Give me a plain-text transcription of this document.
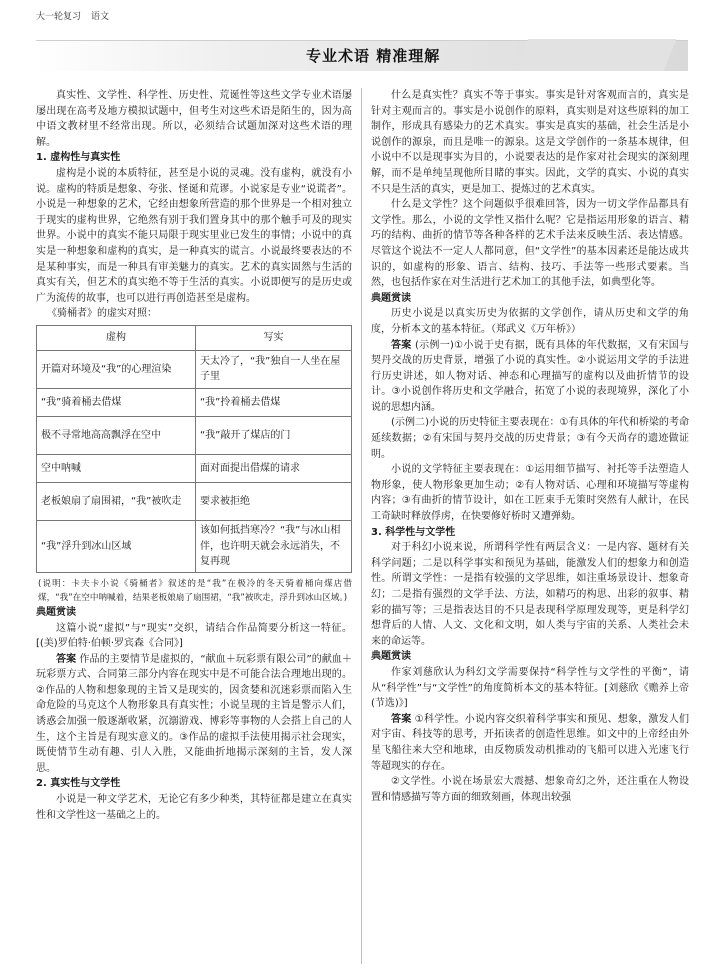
大一轮复习 语文
专业术语 精准理解

真实性、文学性、科学性、历史性、荒诞性等这些文学专业术语屡屡出现在高考及地方模拟试题中，但考生对这些术语是陌生的，因为高中语文教材里不经常出现。所以，必须结合试题加深对这些术语的理解。

1. 虚构性与真实性

虚构是小说的本质特征，甚至是小说的灵魂。没有虚构，就没有小说。虚构的特质是想象、夸张、怪诞和荒谬。小说家是专业“说谎者”。小说是一种想象的艺术，它经由想象所营造的那个世界是一个相对独立于现实的虚构世界，它绝然有别于我们置身其中的那个触手可及的现实世界。小说中的真实不能只局限于现实里业已发生的事情；小说中的真实是一种想象和虚构的真实，是一种真实的谎言。小说最终要表达的不是某种事实，而是一种具有审美魅力的真实。艺术的真实固然与生活的真实有关，但艺术的真实绝不等于生活的真实。小说即便写的是历史或广为流传的故事，也可以进行再创造甚至是虚构。

《骑桶者》的虚实对照：

虚构	写实
开篇对环境及“我”的心理渲染	天太冷了，“我”独自一人坐在屋子里
“我”骑着桶去借煤	“我”拎着桶去借煤
极不寻常地高高飘浮在空中	“我”敲开了煤店的门
空中呐喊	面对面提出借煤的请求
老板娘扇了扇围裙，“我”被吹走	要求被拒绝
“我”浮升到冰山区域	该如何抵挡寒冷？“我”与冰山相伴，也许明天就会永远消失，不复再现

(说明：卡夫卡小说《骑桶者》叙述的是“我”在极冷的冬天骑着桶向煤店借煤，“我”在空中呐喊着，结果老板娘扇了扇围裙，“我”被吹走，浮升到冰山区域。)

典题赏读

这篇小说“虚拟”与“现实”交织，请结合作品简要分析这一特征。[(美)罗伯特·伯顿·罗宾森《合同》]

答案 作品的主要情节是虚拟的，“献血＋玩彩票有限公司”的献血＋玩彩票方式、合同第三部分内容在现实中是不可能合法合理地出现的。②作品的人物和想象现的主旨又是现实的，因贪婪和沉迷彩票而陷入生命危险的马克这个人物形象具有真实性；小说呈现的主旨是警示人们，诱惑会加强一般逐渐收紧，沉溺游戏、博彩等事物的人会搭上自己的人生，这个主旨是有现实意义的。③作品的虚拟手法使用揭示社会现实，既使情节生动有趣、引人入胜，又能曲折地揭示深刻的主旨，发人深思。

2. 真实性与文学性

小说是一种文学艺术，无论它有多少种类，其特征都是建立在真实性和文学性这一基础之上的。

什么是真实性？真实不等于事实。事实是针对客观而言的，真实是针对主观而言的。事实是小说创作的原料，真实则是对这些原料的加工制作，形成具有感染力的艺术真实。事实是真实的基础，社会生活是小说创作的源泉，而且是唯一的源泉。这是文学创作的一条基本规律，但小说中不以是现事实为目的，小说要表达的是作家对社会现实的深刻理解，而不是单纯呈现他所目睹的事实。因此，文学的真实、小说的真实不只是生活的真实，更是加工、提炼过的艺术真实。

什么是文学性？这个问题似乎很难回答，因为一切文学作品都具有文学性。那么，小说的文学性又指什么呢？它是指运用形象的语言、精巧的结构、曲折的情节等各种各样的艺术手法来反映生活、表达情感。尽管这个说法不一定人人都同意，但“文学性”的基本因素还是能达成共识的，如虚构的形象、语言、结构、技巧、手法等一些形式要素。当然，也包括作家在对生活进行艺术加工的其他手法，如典型化等。

典题赏读

历史小说是以真实历史为依据的文学创作，请从历史和文学的角度，分析本文的基本特征。（郑武义《万年桥》）

答案 (示例一)①小说于史有据，既有具体的年代数据，又有宋国与契丹交战的历史背景，增强了小说的真实性。②小说运用文学的手法进行历史讲述，如人物对话、神态和心理描写的虚构以及曲折情节的设计。③小说创作将历史和文学融合，拓宽了小说的表现境界，深化了小说的思想内涵。

(示例二)小说的历史特征主要表现在：①有具体的年代和桥梁的考命延续数据；②有宋国与契丹交战的历史背景；③有今天尚存的遗迹做证明。

小说的文学特征主要表现在：①运用细节描写、衬托等手法塑造人物形象，使人物形象更加生动；②有人物对话、心理和环境描写等虚构内容；③有曲折的情节设计，如在工匠束手无策时突然有人献计，在民工奇缺时释放俘虏，在快要修好桥时又遭弹劾。

3. 科学性与文学性

对于科幻小说来说，所谓科学性有两层含义：一是内容、题材有关科学问题；二是以科学事实和预见为基础，能激发人们的想象力和创造性。所谓文学性：一是指有较强的文学思维，如注重场景设计、想象奇幻；二是指有强烈的文学手法、方法，如精巧的构思、出彩的叙事、精彩的描写等；三是指表达目的不只是表现科学原理发现等，更是科学幻想背后的人情、人文、文化和文明，如人类与宇宙的关系、人类社会未来的命运等。

典题赏读

作家刘慈欣认为科幻文学需要保持“科学性与文学性的平衡”，请从“科学性”与“文学性”的角度简析本文的基本特征。[刘慈欣《赡养上帝(节选)》]

答案 ①科学性。小说内容交织着科学事实和预见、想象，激发人们对宇宙、科技等的思考，开拓读者的创造性思维。如文中的上帝经由外星飞船往来大空和地球，由反物质发动机推动的飞船可以进入光速飞行等超现实的存在。

②文学性。小说在场景宏大震撼、想象奇幻之外，还注重在人物设置和情感描写等方面的细致刻画，体现出较强
